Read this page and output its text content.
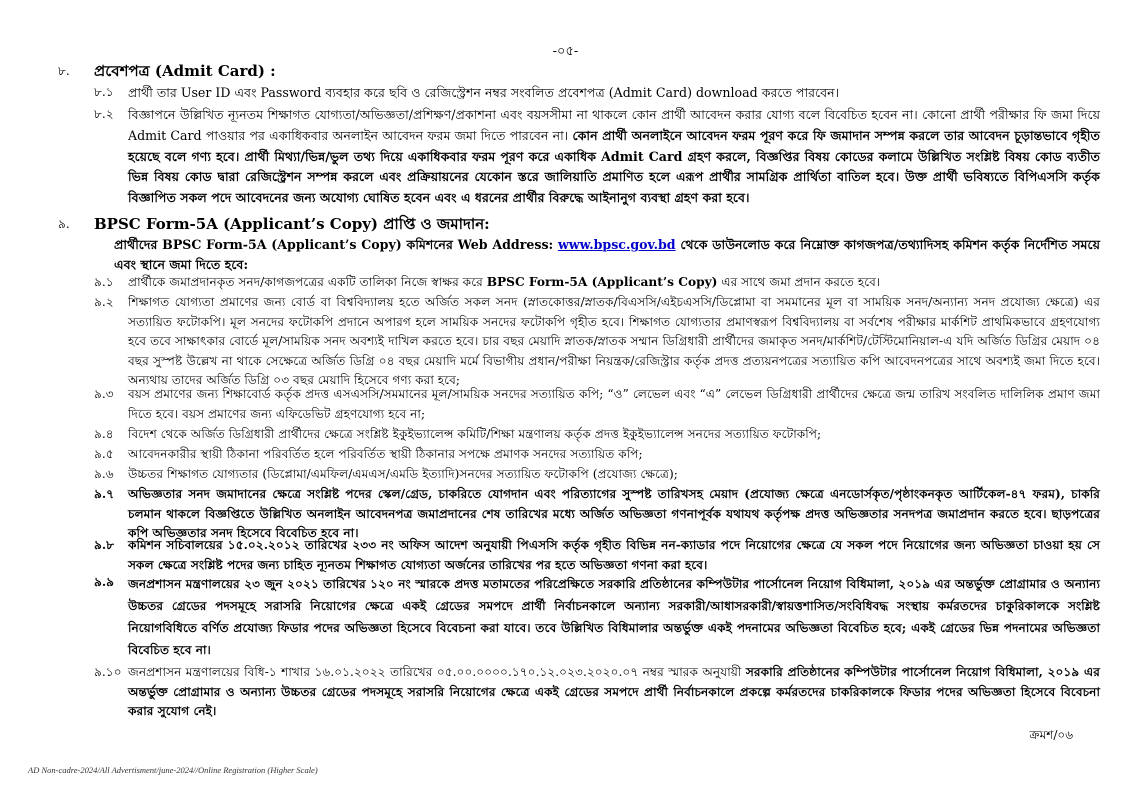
-০৫-
৮.	প্রবেশপত্র (Admit Card) :
৮.১	প্রার্থী তার User ID এবং Password ব্যবহার করে ছবি ও রেজিস্ট্রেশন নম্বর সংবলিত প্রবেশপত্র (Admit Card) download করতে পারবেন।
৮.২	বিজ্ঞাপনে উল্লিখিত ন্যূনতম শিক্ষাগত যোগ্যতা/অভিজ্ঞতা/প্রশিক্ষণ/প্রকাশনা এবং বয়সসীমা না থাকলে কোন প্রার্থী আবেদন করার যোগ্য বলে বিবেচিত হবেন না। কোনো প্রার্থী পরীক্ষার ফি জমা দিয়ে Admit Card পাওয়ার পর একাধিকবার অনলাইন আবেদন ফরম জমা দিতে পারবেন না। কোন প্রার্থী অনলাইনে আবেদন ফরম পূরণ করে ফি জমাদান সম্পন্ন করলে তার আবেদন চূড়ান্তভাবে গৃহীত হয়েছে বলে গণ্য হবে। প্রার্থী মিথ্যা/ভিন্ন/ভুল তথ্য দিয়ে একাধিকবার ফরম পূরণ করে একাধিক Admit Card গ্রহণ করলে, বিজ্ঞপ্তির বিষয় কোডের কলামে উল্লিখিত সংশ্লিষ্ট বিষয় কোড ব্যতীত ভিন্ন বিষয় কোড দ্বারা রেজিস্ট্রেশন সম্পন্ন করলে এবং প্রক্রিয়ায়নের যেকোন স্তরে জালিয়াতি প্রমাণিত হলে এরূপ প্রার্থীর সামগ্রিক প্রার্থিতা বাতিল হবে। উক্ত প্রার্থী ভবিষ্যতে বিপিএসসি কর্তৃক বিজ্ঞাপিত সকল পদে আবেদনের জন্য অযোগ্য ঘোষিত হবেন এবং এ ধরনের প্রার্থীর বিরুদ্ধে আইনানুগ ব্যবস্থা গ্রহণ করা হবে।
৯.	BPSC Form-5A (Applicant’s Copy) প্রাপ্তি ও জমাদান:
প্রার্থীদের BPSC Form-5A (Applicant’s Copy) কমিশনের Web Address: www.bpsc.gov.bd থেকে ডাউনলোড করে নিম্নোক্ত কাগজপত্র/তথ্যাদিসহ কমিশন কর্তৃক নির্দেশিত সময়ে এবং স্থানে জমা দিতে হবে:
৯.১	প্রার্থীকে জমাপ্রদানকৃত সনদ/কাগজপত্রের একটি তালিকা নিজে স্বাক্ষর করে BPSC Form-5A (Applicant’s Copy) এর সাথে জমা প্রদান করতে হবে।
৯.২	শিক্ষাগত যোগ্যতা প্রমাণের জন্য বোর্ড বা বিশ্ববিদ্যালয় হতে অর্জিত সকল সনদ (স্নাতকোত্তর/স্নাতক/বিএসসি/এইচএসসি/ডিপ্লোমা বা সমমানের মূল বা সাময়িক সনদ/অন্যান্য সনদ প্রযোজ্য ক্ষেত্রে) এর সত্যায়িত ফটোকপি। মূল সনদের ফটোকপি প্রদানে অপারগ হলে সাময়িক সনদের ফটোকপি গৃহীত হবে। শিক্ষাগত যোগ্যতার প্রমাণস্বরূপ বিশ্ববিদ্যালয় বা সর্বশেষ পরীক্ষার মার্কশিট প্রাথমিকভাবে গ্রহণযোগ্য হবে তবে সাক্ষাৎকার বোর্ডে মূল/সাময়িক সনদ অবশ্যই দাখিল করতে হবে। চার বছর মেয়াদি স্নাতক/স্নাতক সম্মান ডিগ্রিধারী প্রার্থীদের জমাকৃত সনদ/মার্কশিট/টেস্টিমোনিয়াল-এ যদি অর্জিত ডিগ্রির মেয়াদ ০৪ বছর সুস্পষ্ট উল্লেখ না থাকে সেক্ষেত্রে অর্জিত ডিগ্রি ০৪ বছর মেয়াদি মর্মে বিভাগীয় প্রধান/পরীক্ষা নিয়ন্ত্রক/রেজিস্ট্রার কর্তৃক প্রদত্ত প্রত্যয়নপত্রের সত্যায়িত কপি আবেদনপত্রের সাথে অবশ্যই জমা দিতে হবে। অন্যথায় তাদের অর্জিত ডিগ্রি ০৩ বছর মেয়াদি হিসেবে গণ্য করা হবে;
৯.৩	বয়স প্রমাণের জন্য শিক্ষাবোর্ড কর্তৃক প্রদত্ত এসএসসি/সমমানের মূল/সাময়িক সনদের সত্যায়িত কপি; “ও” লেভেল এবং “এ” লেভেল ডিগ্রিধারী প্রার্থীদের ক্ষেত্রে জন্ম তারিখ সংবলিত দালিলিক প্রমাণ জমা দিতে হবে। বয়স প্রমাণের জন্য এফিডেভিট গ্রহণযোগ্য হবে না;
৯.৪	বিদেশ থেকে অর্জিত ডিগ্রিধারী প্রার্থীদের ক্ষেত্রে সংশ্লিষ্ট ইকুইভ্যালেন্স কমিটি/শিক্ষা মন্ত্রণালয় কর্তৃক প্রদত্ত ইকুইভ্যালেন্স সনদের সত্যায়িত ফটোকপি;
৯.৫	আবেদনকারীর স্থায়ী ঠিকানা পরিবর্তিত হলে পরিবর্তিত স্থায়ী ঠিকানার সপক্ষে প্রমাণক সনদের সত্যায়িত কপি;
৯.৬	উচ্চতর শিক্ষাগত যোগ্যতার (ডিপ্লোমা/এমফিল/এমএস/এমডি ইত্যাদি)সনদের সত্যায়িত ফটোকপি (প্রযোজ্য ক্ষেত্রে);
৯.৭	অভিজ্ঞতার সনদ জমাদানের ক্ষেত্রে সংশ্লিষ্ট পদের স্কেল/গ্রেড, চাকরিতে যোগদান এবং পরিত্যাগের সুস্পষ্ট তারিখসহ মেয়াদ (প্রযোজ্য ক্ষেত্রে এনডোর্সকৃত/পৃষ্ঠাংকনকৃত আর্টিকেল-৪৭ ফরম), চাকরি চলমান থাকলে বিজ্ঞপ্তিতে উল্লিখিত অনলাইন আবেদনপত্র জমাপ্রদানের শেষ তারিখের মধ্যে অর্জিত অভিজ্ঞতা গণনাপূর্বক যথাযথ কর্তৃপক্ষ প্রদত্ত অভিজ্ঞতার সনদপত্র জমাপ্রদান করতে হবে। ছাড়পত্রের কপি অভিজ্ঞতার সনদ হিসেবে বিবেচিত হবে না।
৯.৮	কমিশন সচিবালয়ের ১৫.০২.২০১২ তারিখের ২৩৩ নং অফিস আদেশ অনুযায়ী পিএসসি কর্তৃক গৃহীত বিভিন্ন নন-ক্যাডার পদে নিয়োগের ক্ষেত্রে যে সকল পদে নিয়োগের জন্য অভিজ্ঞতা চাওয়া হয় সে সকল ক্ষেত্রে সংশ্লিষ্ট পদের জন্য চাহিত ন্যূনতম শিক্ষাগত যোগ্যতা অর্জনের তারিখের পর হতে অভিজ্ঞতা গণনা করা হবে।
৯.৯	জনপ্রশাসন মন্ত্রণালয়ের ২৩ জুন ২০২১ তারিখের ১২০ নং স্মারকে প্রদত্ত মতামতের পরিপ্রেক্ষিতে সরকারি প্রতিষ্ঠানের কম্পিউটার পার্সোনেল নিয়োগ বিধিমালা, ২০১৯ এর অন্তর্ভুক্ত প্রোগ্রামার ও অন্যান্য উচ্চতর গ্রেডের পদসমূহে সরাসরি নিয়োগের ক্ষেত্রে একই গ্রেডের সমপদে প্রার্থী নির্বাচনকালে অন্যান্য সরকারী/আধাসরকারী/স্বায়ত্তশাসিত/সংবিধিবদ্ধ সংস্থায় কর্মরতদের চাকুরিকালকে সংশ্লিষ্ট নিয়োগবিধিতে বর্ণিত প্রযোজ্য ফিডার পদের অভিজ্ঞতা হিসেবে বিবেচনা করা যাবে। তবে উল্লিখিত বিধিমালার অন্তর্ভুক্ত একই পদনামের অভিজ্ঞতা বিবেচিত হবে; একই গ্রেডের ভিন্ন পদনামের অভিজ্ঞতা বিবেচিত হবে না।
৯.১০ জনপ্রশাসন মন্ত্রণালয়ের বিধি-১ শাখার ১৬.০১.২০২২ তারিখের ০৫.০০.০০০০.১৭০.১২.০২৩.২০২০.০৭ নম্বর স্মারক অনুযায়ী সরকারি প্রতিষ্ঠানের কম্পিউটার পার্সোনেল নিয়োগ বিধিমালা, ২০১৯ এর অন্তর্ভুক্ত প্রোগ্রামার ও অন্যান্য উচ্চতর গ্রেডের পদসমূহে সরাসরি নিয়োগের ক্ষেত্রে একই গ্রেডের সমপদে প্রার্থী নির্বাচনকালে প্রকল্পে কর্মরতদের চাকরিকালকে ফিডার পদের অভিজ্ঞতা হিসেবে বিবেচনা করার সুযোগ নেই।
ক্রমশ/০৬
AD Non-cadre-2024/All Advertisment/june-2024//Online Registration (Higher Scale)
